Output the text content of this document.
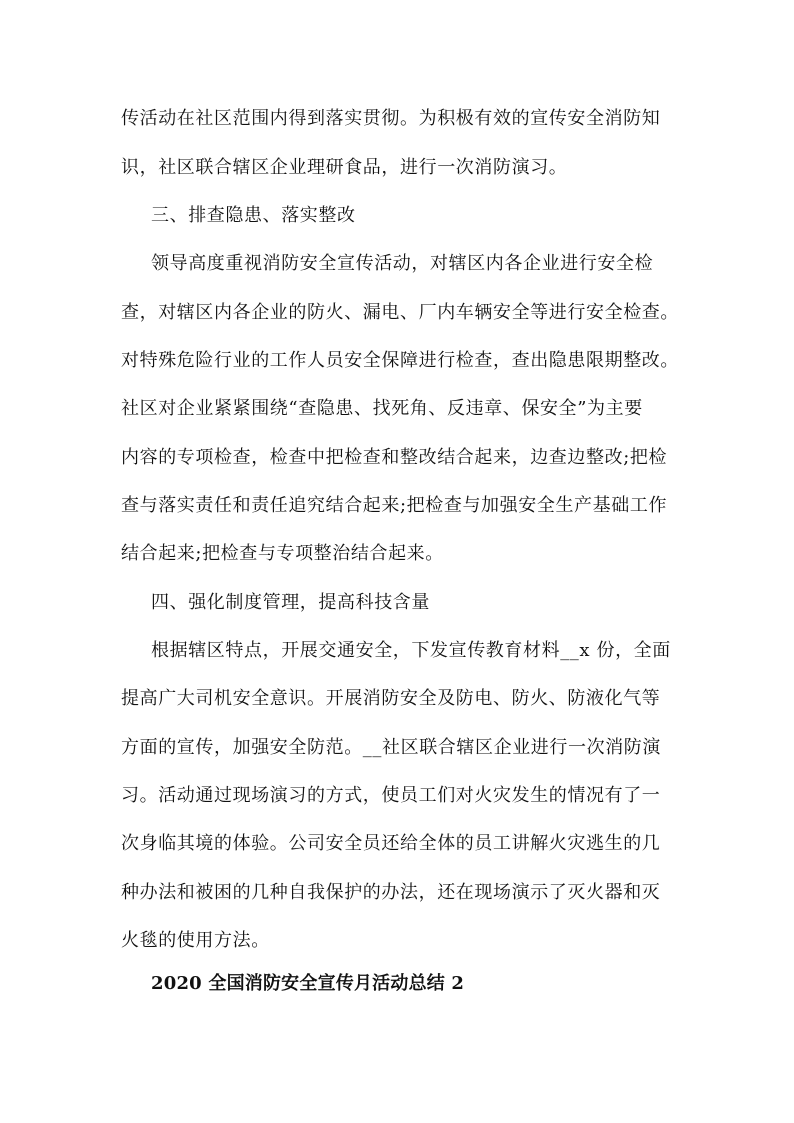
传活动在社区范围内得到落实贯彻。为积极有效的宣传安全消防知
识，社区联合辖区企业理研食品，进行一次消防演习。
三、排查隐患、落实整改
领导高度重视消防安全宣传活动，对辖区内各企业进行安全检
查，对辖区内各企业的防火、漏电、厂内车辆安全等进行安全检查。
对特殊危险行业的工作人员安全保障进行检查，查出隐患限期整改。
社区对企业紧紧围绕“查隐患、找死角、反违章、保安全”为主要
内容的专项检查，检查中把检查和整改结合起来，边查边整改;把检
查与落实责任和责任追究结合起来;把检查与加强安全生产基础工作
结合起来;把检查与专项整治结合起来。
四、强化制度管理，提高科技含量
根据辖区特点，开展交通安全，下发宣传教育材料__x 份，全面
提高广大司机安全意识。开展消防安全及防电、防火、防液化气等
方面的宣传，加强安全防范。__社区联合辖区企业进行一次消防演
习。活动通过现场演习的方式，使员工们对火灾发生的情况有了一
次身临其境的体验。公司安全员还给全体的员工讲解火灾逃生的几
种办法和被困的几种自我保护的办法，还在现场演示了灭火器和灭
火毯的使用方法。
2020 全国消防安全宣传月活动总结 2
